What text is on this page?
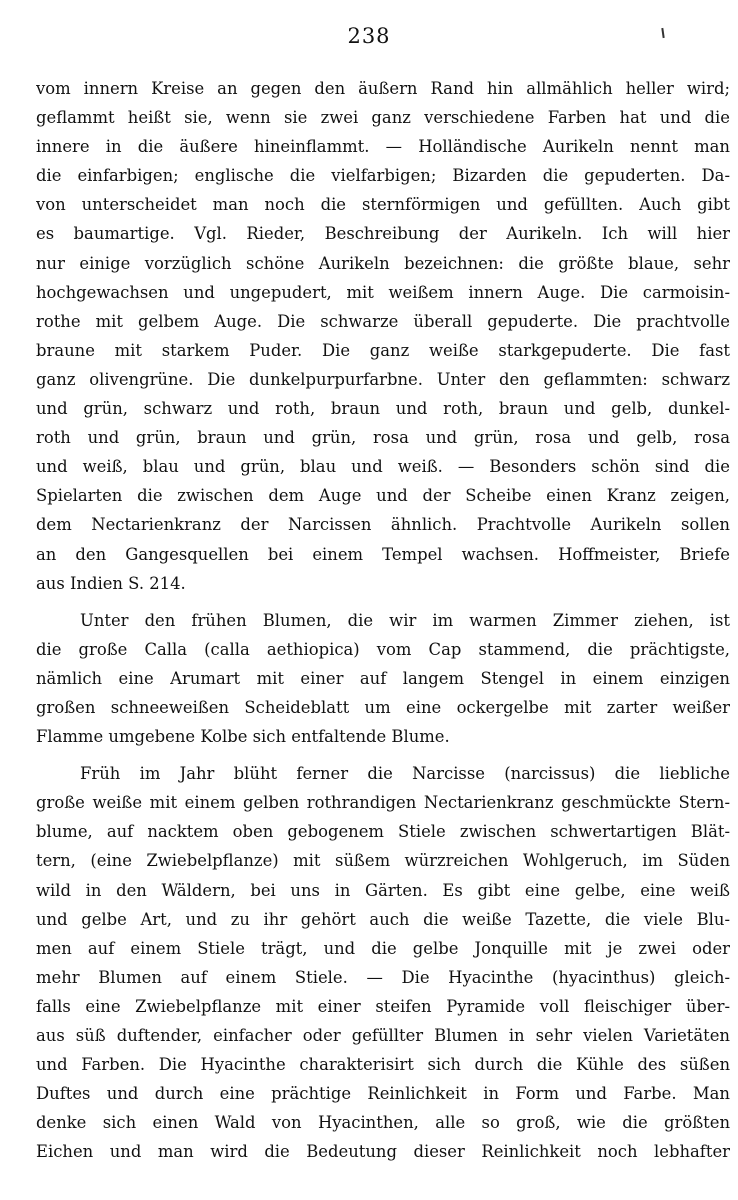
238
vom innern Kreise an gegen den äußern Rand hin allmählich heller wird;
geflammt heißt sie, wenn sie zwei ganz verschiedene Farben hat und die
innere in die äußere hineinflammt. — Holländische Aurikeln nennt man
die einfarbigen; englische die vielfarbigen; Bizarden die gepuderten. Da-
von unterscheidet man noch die sternförmigen und gefüllten. Auch gibt
es baumartige. Vgl. Rieder, Beschreibung der Aurikeln. Ich will hier
nur einige vorzüglich schöne Aurikeln bezeichnen: die größte blaue, sehr
hochgewachsen und ungepudert, mit weißem innern Auge. Die carmoisin-
rothe mit gelbem Auge. Die schwarze überall gepuderte. Die prachtvolle
braune mit starkem Puder. Die ganz weiße starkgepuderte. Die fast
ganz olivengrüne. Die dunkelpurpurfarbne. Unter den geflammten: schwarz
und grün, schwarz und roth, braun und roth, braun und gelb, dunkel-
roth und grün, braun und grün, rosa und grün, rosa und gelb, rosa
und weiß, blau und grün, blau und weiß. — Besonders schön sind die
Spielarten die zwischen dem Auge und der Scheibe einen Kranz zeigen,
dem Nectarienkranz der Narcissen ähnlich. Prachtvolle Aurikeln sollen
an den Gangesquellen bei einem Tempel wachsen. Hoffmeister, Briefe
aus Indien S. 214.
Unter den frühen Blumen, die wir im warmen Zimmer ziehen, ist
die große Calla (calla aethiopica) vom Cap stammend, die prächtigste,
nämlich eine Arumart mit einer auf langem Stengel in einem einzigen
großen schneeweißen Scheideblatt um eine ockergelbe mit zarter weißer
Flamme umgebene Kolbe sich entfaltende Blume.
Früh im Jahr blüht ferner die Narcisse (narcissus) die liebliche
große weiße mit einem gelben rothrandigen Nectarienkranz geschmückte Stern-
blume, auf nacktem oben gebogenem Stiele zwischen schwertartigen Blät-
tern, (eine Zwiebelpflanze) mit süßem würzreichen Wohlgeruch, im Süden
wild in den Wäldern, bei uns in Gärten. Es gibt eine gelbe, eine weiß
und gelbe Art, und zu ihr gehört auch die weiße Tazette, die viele Blu-
men auf einem Stiele trägt, und die gelbe Jonquille mit je zwei oder
mehr Blumen auf einem Stiele. — Die Hyacinthe (hyacinthus) gleich-
falls eine Zwiebelpflanze mit einer steifen Pyramide voll fleischiger über-
aus süß duftender, einfacher oder gefüllter Blumen in sehr vielen Varietäten
und Farben. Die Hyacinthe charakterisirt sich durch die Kühle des süßen
Duftes und durch eine prächtige Reinlichkeit in Form und Farbe. Man
denke sich einen Wald von Hyacinthen, alle so groß, wie die größten
Eichen und man wird die Bedeutung dieser Reinlichkeit noch lebhafter
